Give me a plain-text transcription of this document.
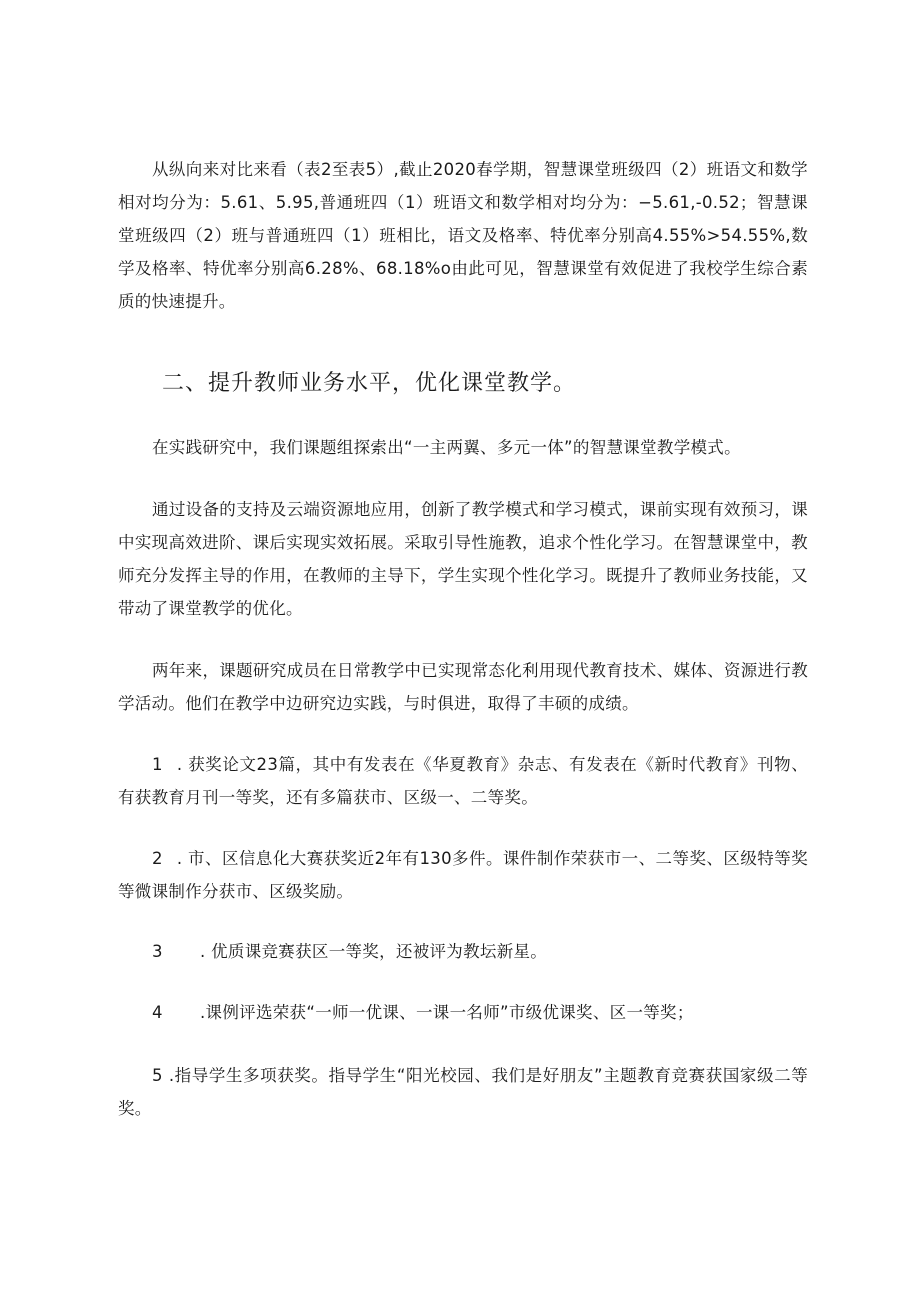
从纵向来对比来看（表2至表5）,截止2020春学期，智慧课堂班级四（2）班语文和数学相对均分为：5.61、5.95,普通班四（1）班语文和数学相对均分为：−5.61,-0.52；智慧课堂班级四（2）班与普通班四（1）班相比，语文及格率、特优率分别高4.55%>54.55%,数学及格率、特优率分别高6.28%、68.18%o由此可见，智慧课堂有效促进了我校学生综合素质的快速提升。

二、提升教师业务水平，优化课堂教学。

在实践研究中，我们课题组探索出“一主两翼、多元一体”的智慧课堂教学模式。

通过设备的支持及云端资源地应用，创新了教学模式和学习模式，课前实现有效预习，课中实现高效进阶、课后实现实效拓展。采取引导性施教，追求个性化学习。在智慧课堂中，教师充分发挥主导的作用，在教师的主导下，学生实现个性化学习。既提升了教师业务技能，又带动了课堂教学的优化。

两年来，课题研究成员在日常教学中已实现常态化利用现代教育技术、媒体、资源进行教学活动。他们在教学中边研究边实践，与时俱进，取得了丰硕的成绩。

1 . 获奖论文23篇，其中有发表在《华夏教育》杂志、有发表在《新时代教育》刊物、有获教育月刊一等奖，还有多篇获市、区级一、二等奖。

2 . 市、区信息化大赛获奖近2年有130多件。课件制作荣获市一、二等奖、区级特等奖等微课制作分获市、区级奖励。

3 . 优质课竞赛获区一等奖，还被评为教坛新星。

4 .课例评选荣获“一师一优课、一课一名师”市级优课奖、区一等奖；

5 .指导学生多项获奖。指导学生“阳光校园、我们是好朋友”主题教育竞赛获国家级二等奖。
